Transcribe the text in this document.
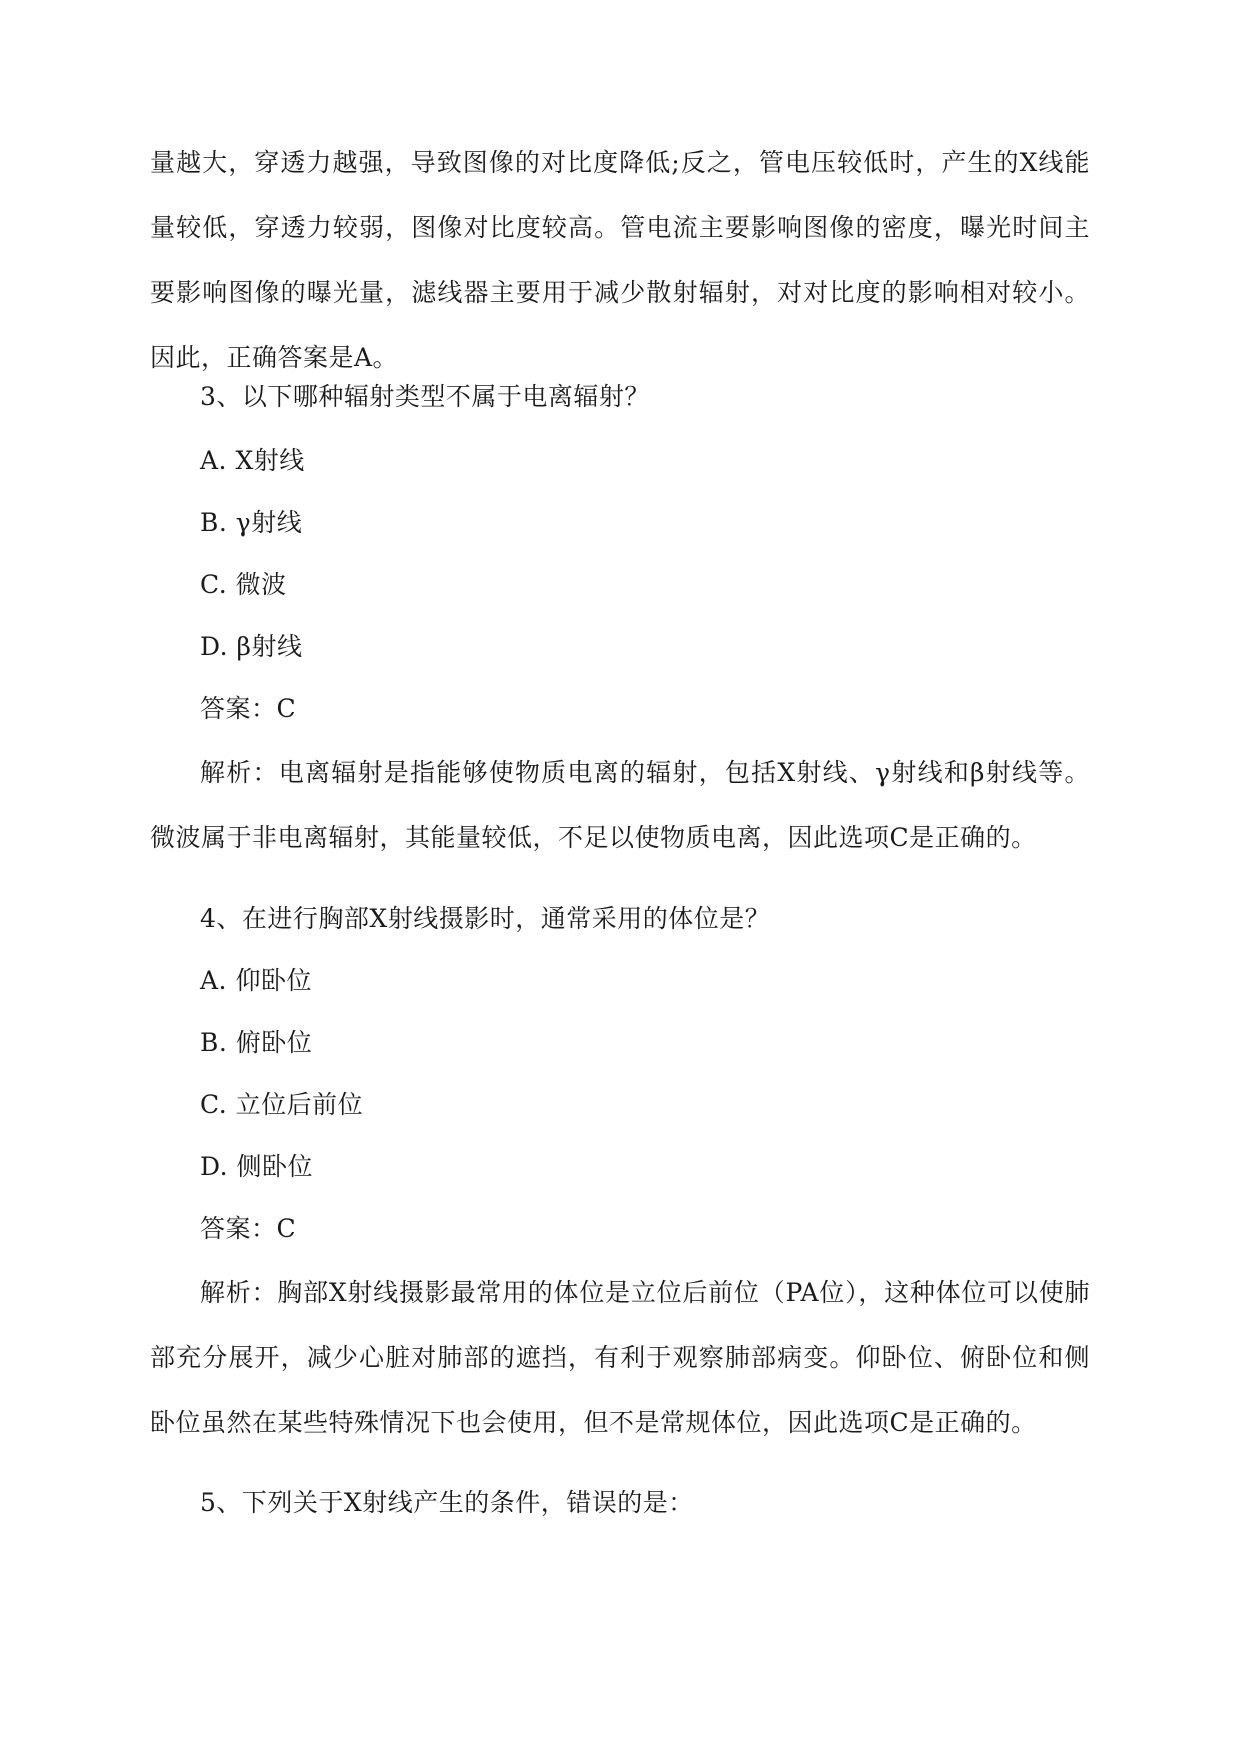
量越大，穿透力越强，导致图像的对比度降低;反之，管电压较低时，产生的X线能量较低，穿透力较弱，图像对比度较高。管电流主要影响图像的密度，曝光时间主要影响图像的曝光量，滤线器主要用于减少散射辐射，对对比度的影响相对较小。因此，正确答案是A。

3、以下哪种辐射类型不属于电离辐射？

A. X射线

B. γ射线

C. 微波

D. β射线

答案：C

解析：电离辐射是指能够使物质电离的辐射，包括X射线、γ射线和β射线等。微波属于非电离辐射，其能量较低，不足以使物质电离，因此选项C是正确的。

4、在进行胸部X射线摄影时，通常采用的体位是？

A. 仰卧位

B. 俯卧位

C. 立位后前位

D. 侧卧位

答案：C

解析：胸部X射线摄影最常用的体位是立位后前位（PA位），这种体位可以使肺部充分展开，减少心脏对肺部的遮挡，有利于观察肺部病变。仰卧位、俯卧位和侧卧位虽然在某些特殊情况下也会使用，但不是常规体位，因此选项C是正确的。

5、下列关于X射线产生的条件，错误的是：
